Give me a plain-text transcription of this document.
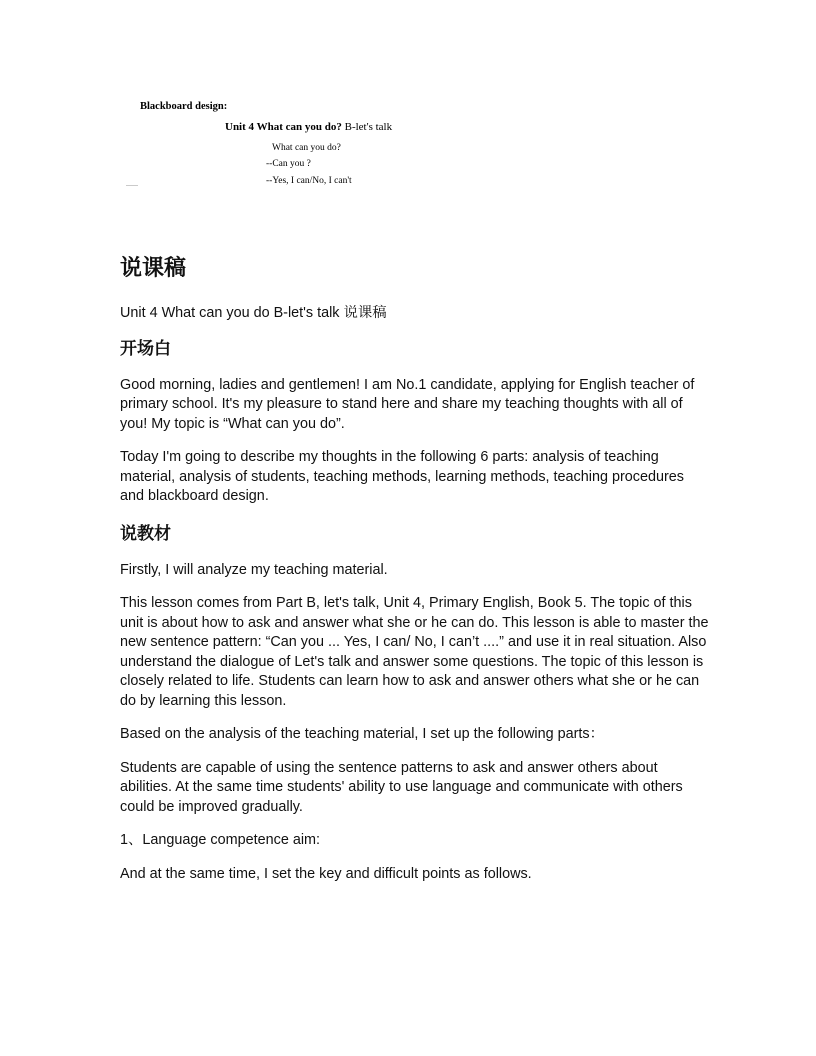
Blackboard design:
Unit 4 What can you do? B-let's talk
What can you do?
--Can you ?
--Yes, I can/No, I can't
......
说课稿
Unit 4 What can you do B-let's talk 说课稿
开场白
Good morning, ladies and gentlemen! I am No.1 candidate, applying for English teacher of primary school. It's my pleasure to stand here and share my teaching thoughts with all of you! My topic is “What can you do”.
Today I'm going to describe my thoughts in the following 6 parts: analysis of teaching material, analysis of students, teaching methods, learning methods, teaching procedures and blackboard design.
说教材
Firstly, I will analyze my teaching material.
This lesson comes from Part B, let's talk, Unit 4, Primary English, Book 5. The topic of this unit is about how to ask and answer what she or he can do. This lesson is able to master the new sentence pattern: “Can you ... Yes, I can/ No, I can’t ....” and use it in real situation. Also understand the dialogue of Let's talk and answer some questions. The topic of this lesson is closely related to life. Students can learn how to ask and answer others what she or he can do by learning this lesson.
Based on the analysis of the teaching material, I set up the following parts：
Students are capable of using the sentence patterns to ask and answer others about abilities. At the same time students' ability to use language and communicate with others could be improved gradually.
1、Language competence aim:
And at the same time, I set the key and difficult points as follows.
